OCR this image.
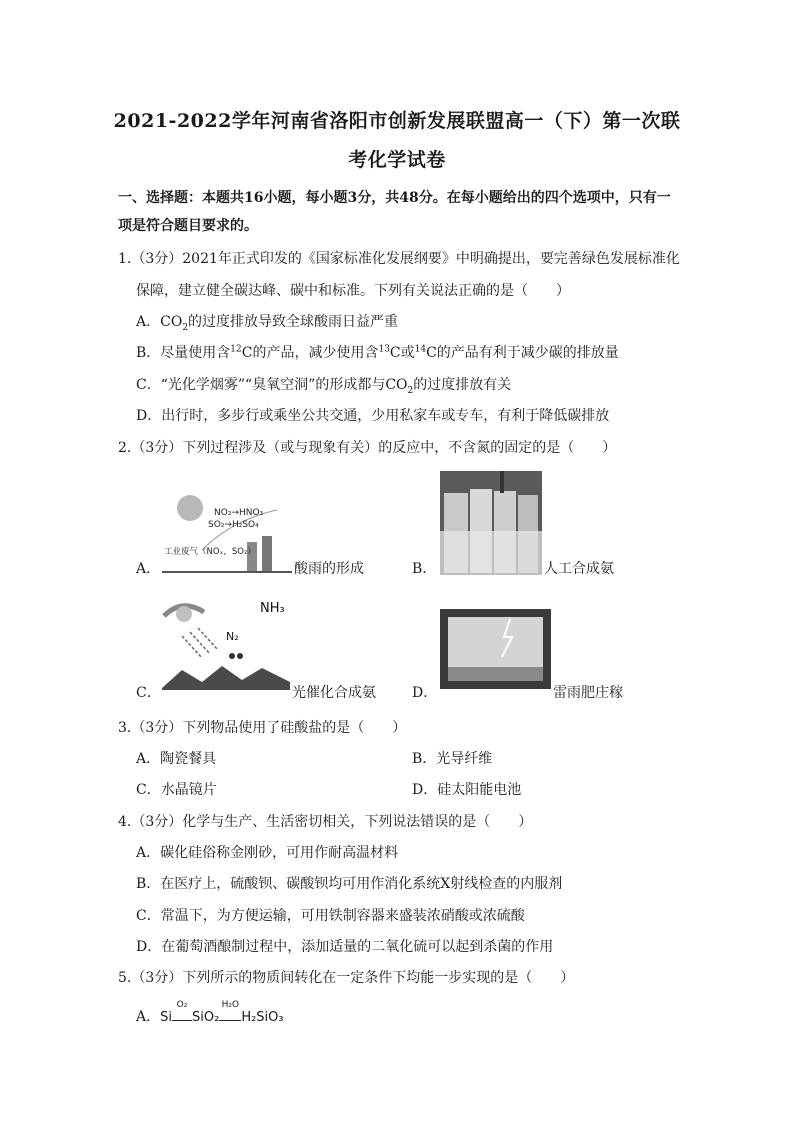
2021-2022学年河南省洛阳市创新发展联盟高一（下）第一次联
考化学试卷
一、选择题：本题共16小题，每小题3分，共48分。在每小题给出的四个选项中，只有一项是符合题目要求的。
1.（3分）2021年正式印发的《国家标准化发展纲要》中明确提出，要完善绿色发展标准化
保障，建立健全碳达峰、碳中和标准。下列有关说法正确的是（　　）
A．$CO_2$的过度排放导致全球酸雨日益严重
B．尽量使用含$^{12}$C的产品，减少使用含$^{13}$C或$^{14}$C的产品有利于减少碳的排放量
C．“光化学烟雾”“臭氧空洞”的形成都与$CO_2$的过度排放有关
D．出行时，多步行或乘坐公共交通，少用私家车或专车，有利于降低碳排放
2.（3分）下列过程涉及（或与现象有关）的反应中，不含氮的固定的是（　　）
A．
NO₂→HNO₃
SO₂→H₂SO₄
工业废气（NOₓ，SO₂）
酸雨的形成	B．	人工合成氨
C．
NH₃
N₂
光催化合成氨	D．	雷雨肥庄稼
3.（3分）下列物品使用了硅酸盐的是（　　）
A．陶瓷餐具	B．光导纤维
C．水晶镜片	D．硅太阳能电池
4.（3分）化学与生产、生活密切相关，下列说法错误的是（　　）
A．碳化硅俗称金刚砂，可用作耐高温材料
B．在医疗上，硫酸钡、碳酸钡均可用作消化系统X射线检查的内服剂
C．常温下，为方便运输，可用铁制容器来盛装浓硝酸或浓硫酸
D．在葡萄酒酿制过程中，添加适量的二氧化硫可以起到杀菌的作用
5.（3分）下列所示的物质间转化在一定条件下均能一步实现的是（　　）
A．Si
O₂
SiO₂
H₂O
H₂SiO₃
